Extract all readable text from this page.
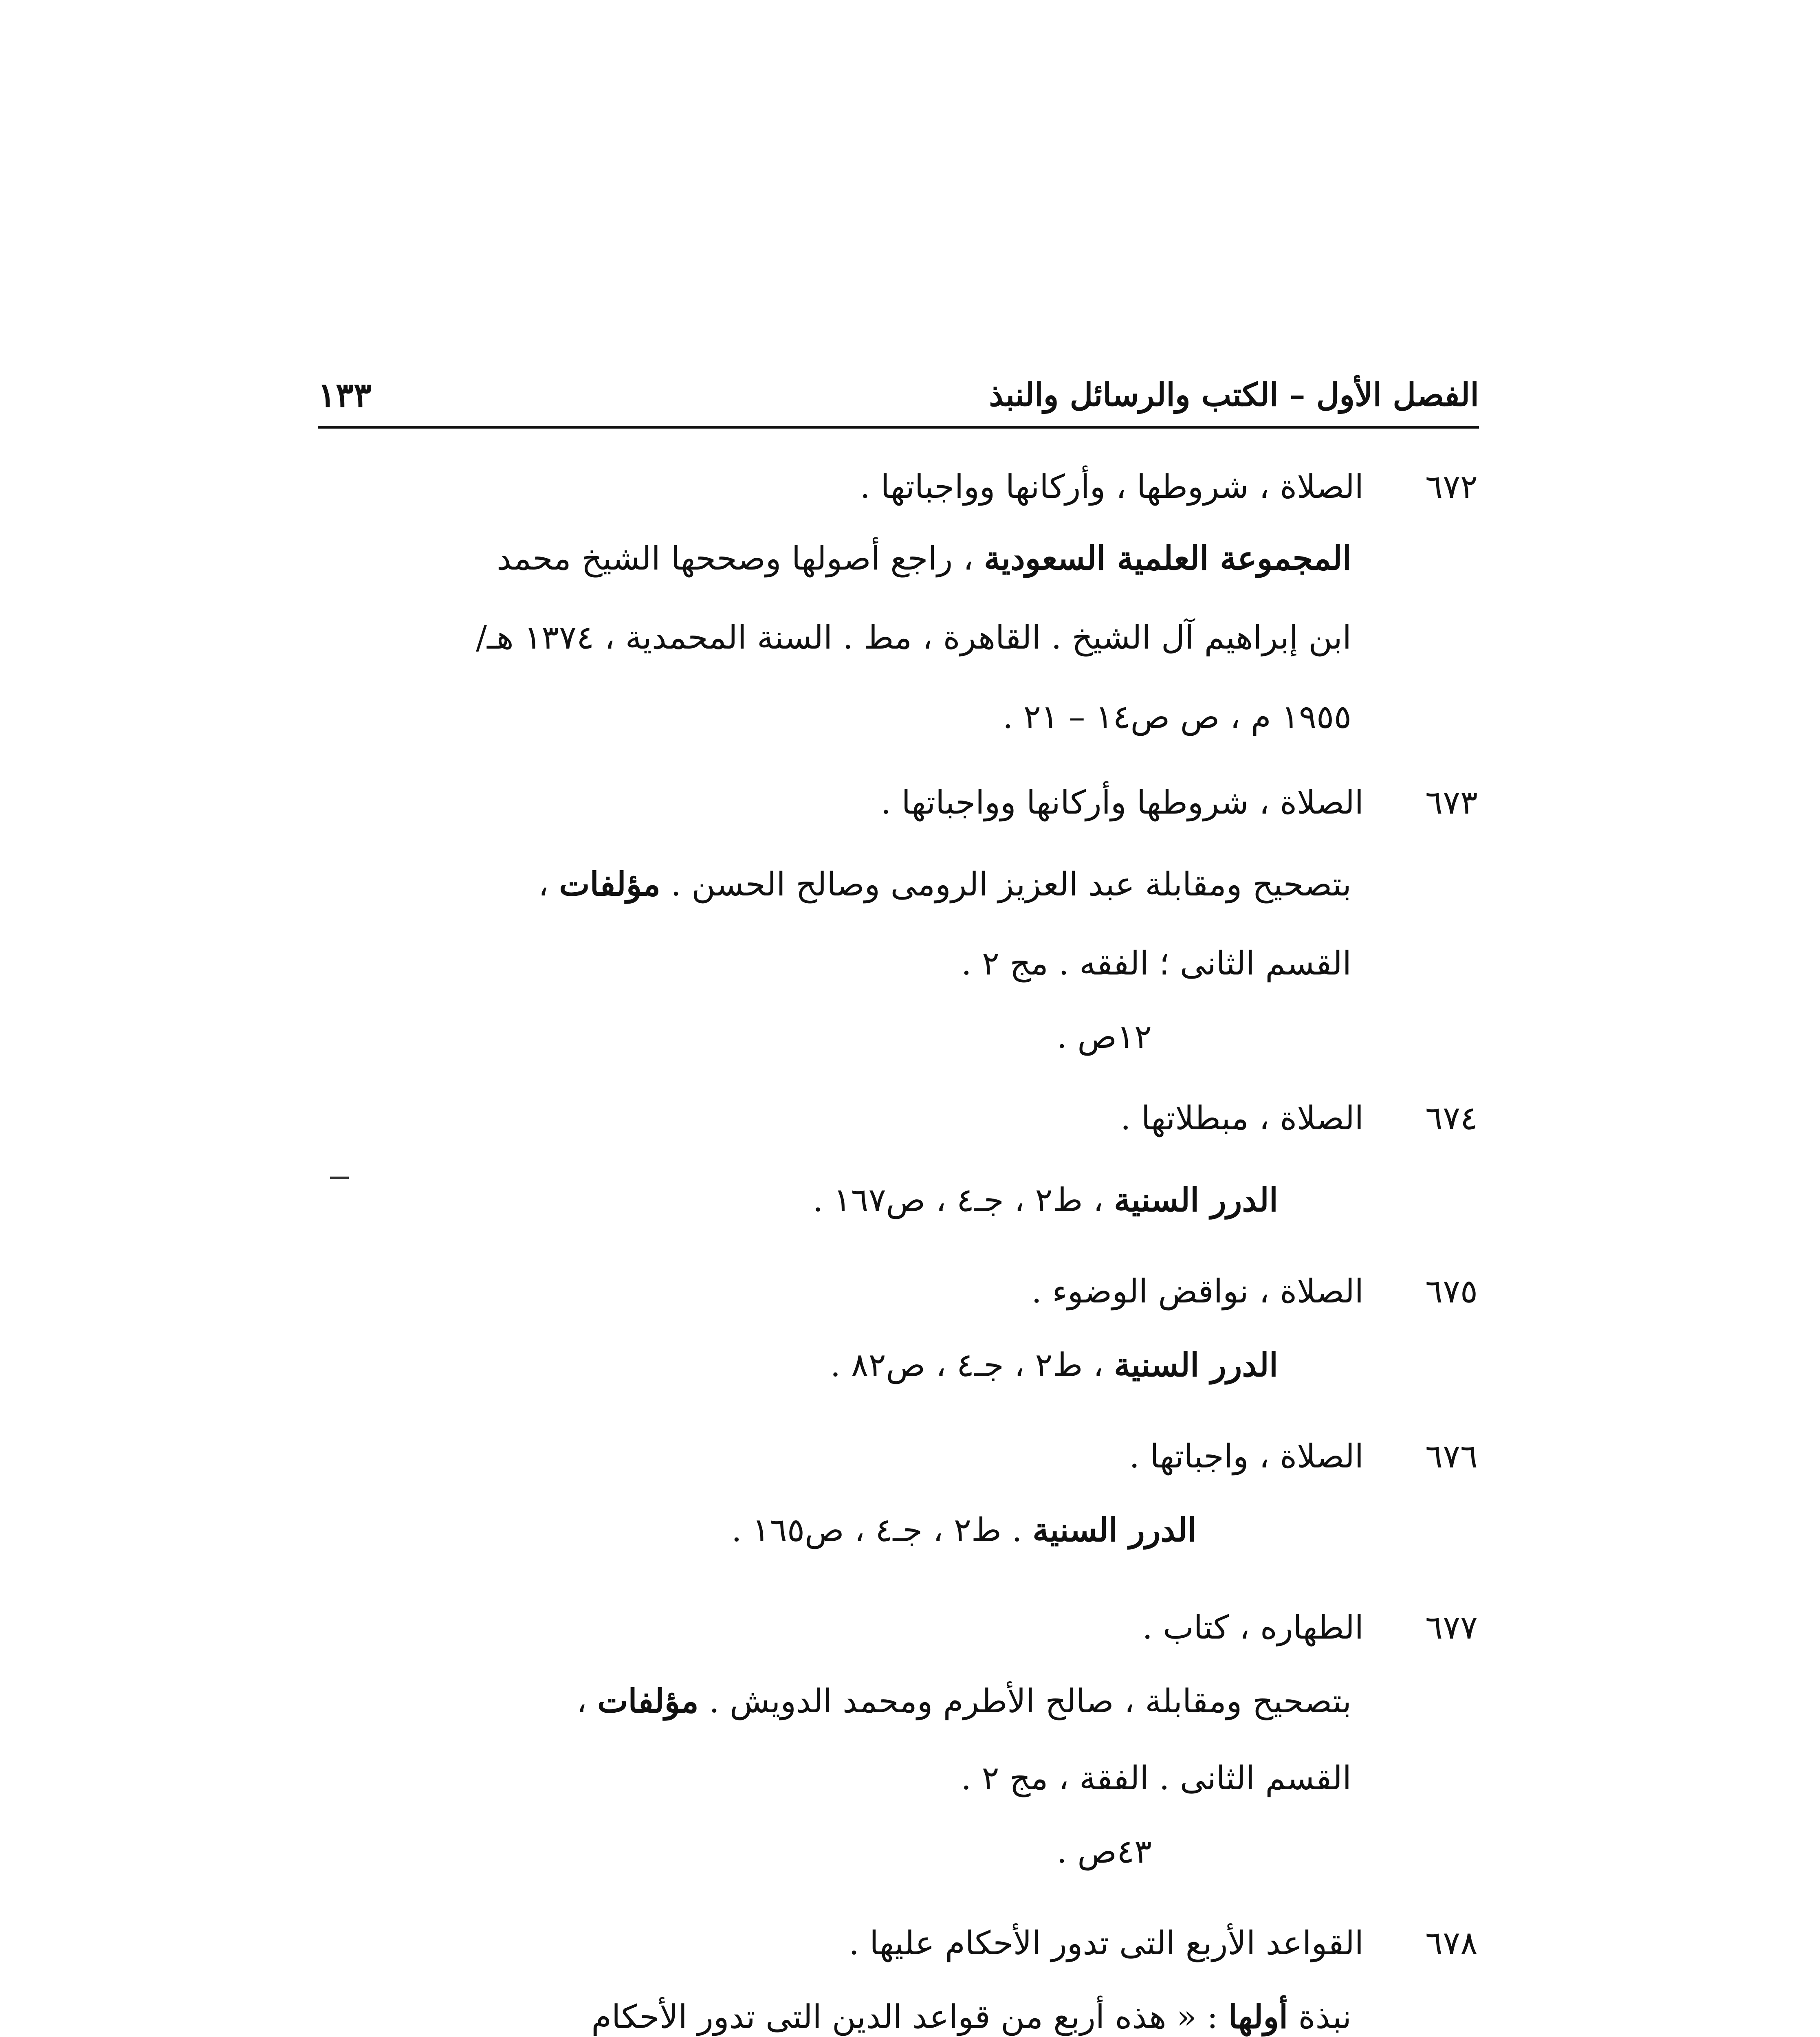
الفصل الأول – الكتب والرسائل والنبذ
١٣٣
٦٧٢
الصلاة ، شروطها ، وأركانها وواجباتها .
المجموعة العلمية السعودية ، راجع أصولها وصححها الشيخ محمد
ابن إبراهيم آل الشيخ . القاهرة ، مط . السنة المحمدية ، ١٣٧٤ هـ/
١٩٥٥ م ، ص ص١٤ – ٢١ .
٦٧٣
الصلاة ، شروطها وأركانها وواجباتها .
بتصحيح ومقابلة عبد العزيز الرومى وصالح الحسن . مؤلفات ،
القسم الثانى ؛ الفقه . مج ٢ .
١٢ص .
٦٧٤
الصلاة ، مبطلاتها .
الدرر السنية ، ط٢ ، جـ٤ ، ص١٦٧ .
٦٧٥
الصلاة ، نواقض الوضوء .
الدرر السنية ، ط٢ ، جـ٤ ، ص٨٢ .
٦٧٦
الصلاة ، واجباتها .
الدرر السنية . ط٢ ، جـ٤ ، ص١٦٥ .
٦٧٧
الطهاره ، كتاب .
بتصحيح ومقابلة ، صالح الأطرم ومحمد الدويش . مؤلفات ،
القسم الثانى . الفقة ، مج ٢ .
٤٣ص .
٦٧٨
القواعد الأربع التى تدور الأحكام عليها .
نبذة أولها : « هذه أربع من قواعد الدين التى تدور الأحكام
